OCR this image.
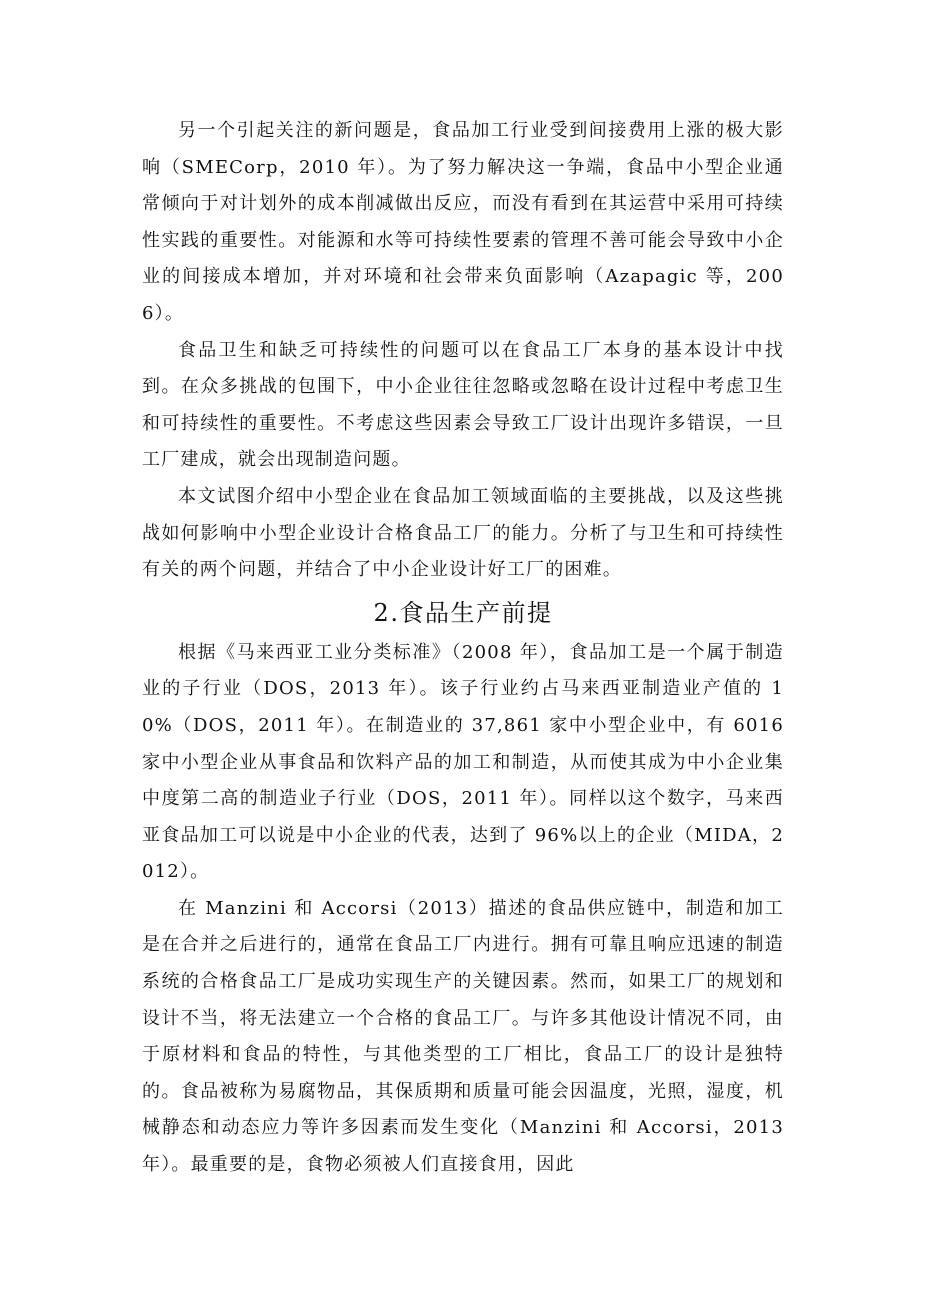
另一个引起关注的新问题是，食品加工行业受到间接费用上涨的极大影响（SMECorp，2010 年）。为了努力解决这一争端，食品中小型企业通常倾向于对计划外的成本削减做出反应，而没有看到在其运营中采用可持续性实践的重要性。对能源和水等可持续性要素的管理不善可能会导致中小企业的间接成本增加，并对环境和社会带来负面影响（Azapagic 等，2006）。

食品卫生和缺乏可持续性的问题可以在食品工厂本身的基本设计中找到。在众多挑战的包围下，中小企业往往忽略或忽略在设计过程中考虑卫生和可持续性的重要性。不考虑这些因素会导致工厂设计出现许多错误，一旦工厂建成，就会出现制造问题。

本文试图介绍中小型企业在食品加工领域面临的主要挑战，以及这些挑战如何影响中小型企业设计合格食品工厂的能力。分析了与卫生和可持续性有关的两个问题，并结合了中小企业设计好工厂的困难。

2.食品生产前提

根据《马来西亚工业分类标准》（2008 年），食品加工是一个属于制造业的子行业（DOS，2013 年）。该子行业约占马来西亚制造业产值的 10%（DOS，2011 年）。在制造业的 37,861 家中小型企业中，有 6016 家中小型企业从事食品和饮料产品的加工和制造，从而使其成为中小企业集中度第二高的制造业子行业（DOS，2011 年）。同样以这个数字，马来西亚食品加工可以说是中小企业的代表，达到了 96%以上的企业（MIDA，2012）。

在 Manzini 和 Accorsi（2013）描述的食品供应链中，制造和加工是在合并之后进行的，通常在食品工厂内进行。拥有可靠且响应迅速的制造系统的合格食品工厂是成功实现生产的关键因素。然而，如果工厂的规划和设计不当，将无法建立一个合格的食品工厂。与许多其他设计情况不同，由于原材料和食品的特性，与其他类型的工厂相比，食品工厂的设计是独特的。食品被称为易腐物品，其保质期和质量可能会因温度，光照，湿度，机械静态和动态应力等许多因素而发生变化（Manzini 和 Accorsi，2013 年）。最重要的是，食物必须被人们直接食用，因此
